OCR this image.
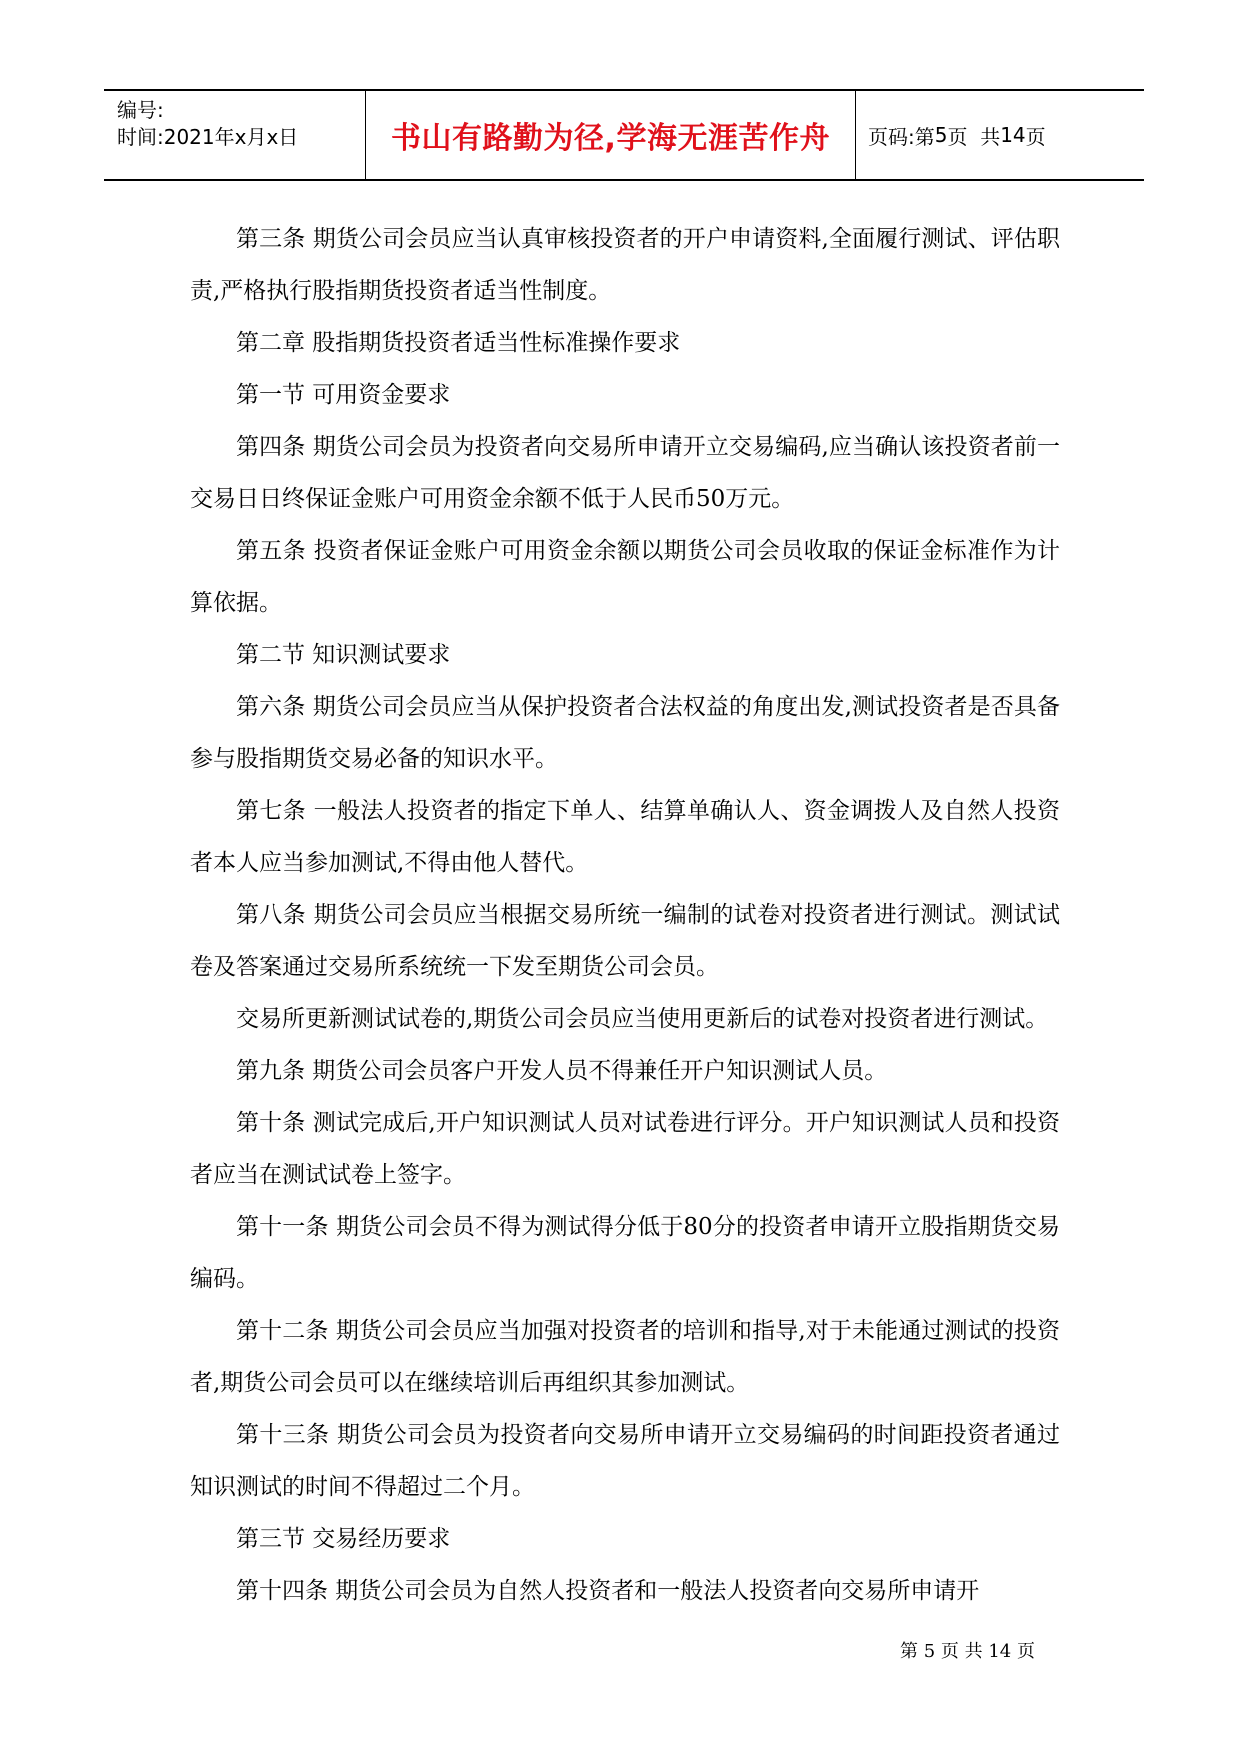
编号:
时间:2021年x月x日	书山有路勤为径,学海无涯苦作舟	页码:第 5 页  共 14 页

第三条 期货公司会员应当认真审核投资者的开户申请资料,全面履行测试、评估职责,严格执行股指期货投资者适当性制度。

第二章 股指期货投资者适当性标准操作要求

第一节 可用资金要求

第四条 期货公司会员为投资者向交易所申请开立交易编码,应当确认该投资者前一交易日日终保证金账户可用资金余额不低于人民币50万元。

第五条 投资者保证金账户可用资金余额以期货公司会员收取的保证金标准作为计算依据。

第二节 知识测试要求

第六条 期货公司会员应当从保护投资者合法权益的角度出发,测试投资者是否具备参与股指期货交易必备的知识水平。

第七条 一般法人投资者的指定下单人、结算单确认人、资金调拨人及自然人投资者本人应当参加测试,不得由他人替代。

第八条 期货公司会员应当根据交易所统一编制的试卷对投资者进行测试。测试试卷及答案通过交易所系统统一下发至期货公司会员。

交易所更新测试试卷的,期货公司会员应当使用更新后的试卷对投资者进行测试。

第九条 期货公司会员客户开发人员不得兼任开户知识测试人员。

第十条 测试完成后,开户知识测试人员对试卷进行评分。开户知识测试人员和投资者应当在测试试卷上签字。

第十一条 期货公司会员不得为测试得分低于80分的投资者申请开立股指期货交易编码。

第十二条 期货公司会员应当加强对投资者的培训和指导,对于未能通过测试的投资者,期货公司会员可以在继续培训后再组织其参加测试。

第十三条 期货公司会员为投资者向交易所申请开立交易编码的时间距投资者通过知识测试的时间不得超过二个月。

第三节 交易经历要求

第十四条 期货公司会员为自然人投资者和一般法人投资者向交易所申请开

第 5 页 共 14 页
